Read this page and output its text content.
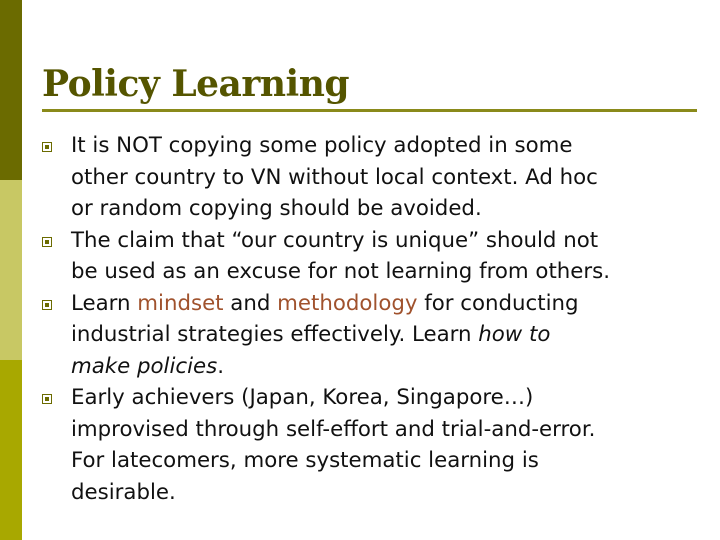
Policy Learning
It is NOT copying some policy adopted in some
other country to VN without local context. Ad hoc
or random copying should be avoided.
The claim that “our country is unique” should not
be used as an excuse for not learning from others.
Learn mindset and methodology for conducting
industrial strategies effectively. Learn how to
make policies.
Early achievers (Japan, Korea, Singapore…)
improvised through self-effort and trial-and-error.
For latecomers, more systematic learning is
desirable.
